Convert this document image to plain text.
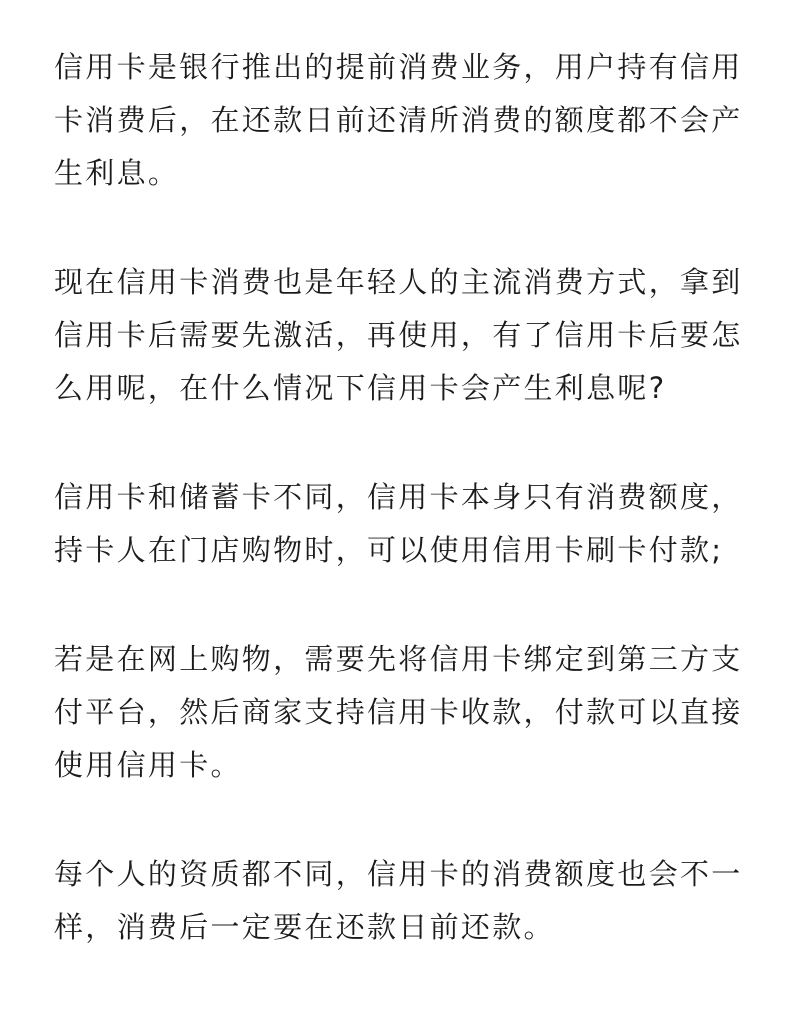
信用卡是银行推出的提前消费业务，用户持有信用
卡消费后，在还款日前还清所消费的额度都不会产
生利息。

现在信用卡消费也是年轻人的主流消费方式，拿到
信用卡后需要先激活，再使用，有了信用卡后要怎
么用呢，在什么情况下信用卡会产生利息呢?

信用卡和储蓄卡不同，信用卡本身只有消费额度，
持卡人在门店购物时，可以使用信用卡刷卡付款;

若是在网上购物，需要先将信用卡绑定到第三方支
付平台，然后商家支持信用卡收款，付款可以直接
使用信用卡。

每个人的资质都不同，信用卡的消费额度也会不一
样，消费后一定要在还款日前还款。
